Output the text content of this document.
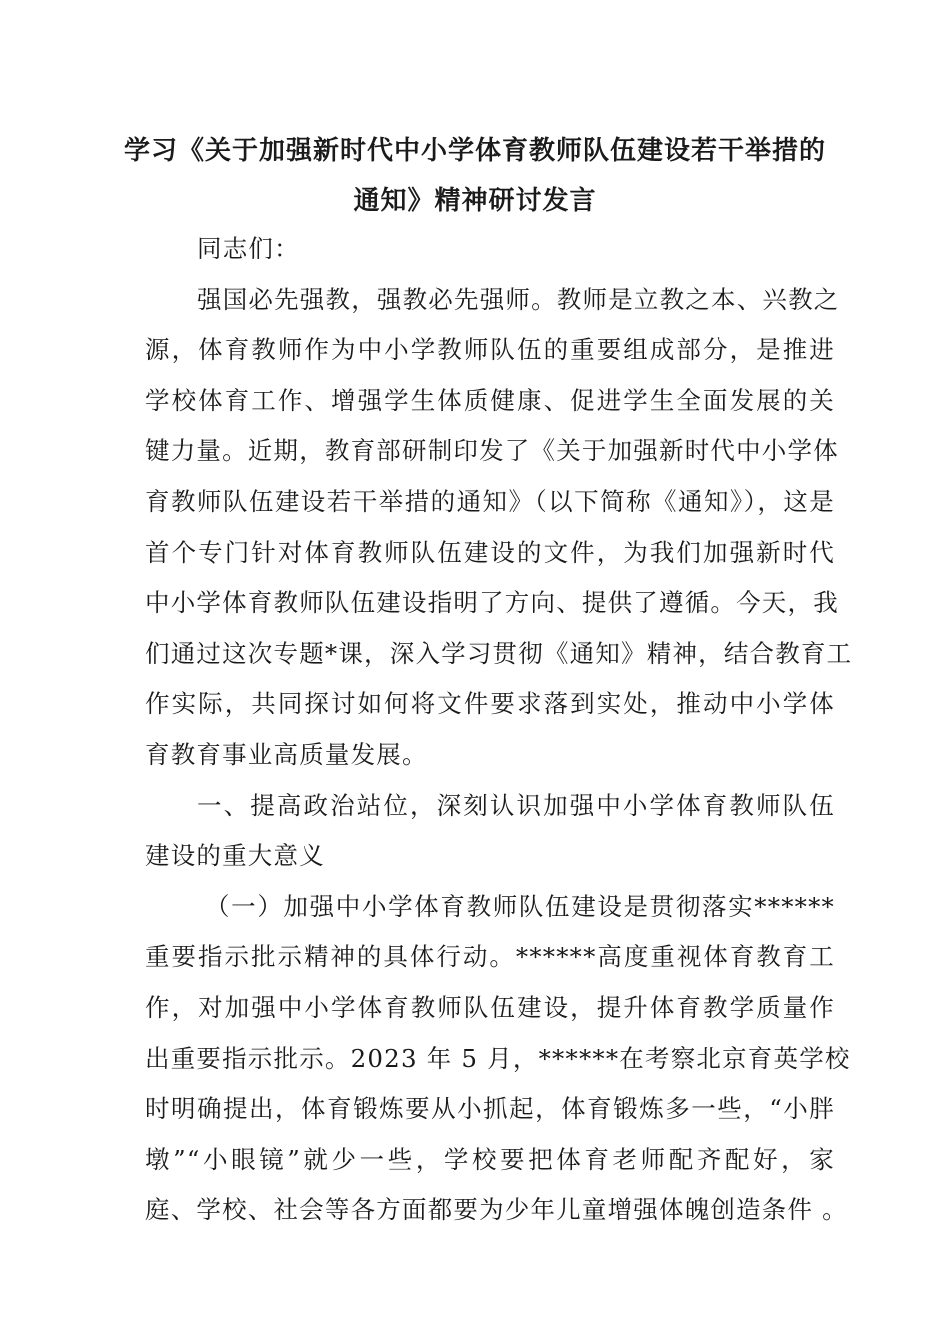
学习《关于加强新时代中小学体育教师队伍建设若干举措的
通知》精神研讨发言
同志们：
强国必先强教，强教必先强师。教师是立教之本、兴教之
源，体育教师作为中小学教师队伍的重要组成部分，是推进
学校体育工作、增强学生体质健康、促进学生全面发展的关
键力量。近期，教育部研制印发了《关于加强新时代中小学体
育教师队伍建设若干举措的通知》（以下简称《通知》），这是
首个专门针对体育教师队伍建设的文件，为我们加强新时代
中小学体育教师队伍建设指明了方向、提供了遵循。今天，我
们通过这次专题*课，深入学习贯彻《通知》精神，结合教育工
作实际，共同探讨如何将文件要求落到实处，推动中小学体
育教育事业高质量发展。
一、提高政治站位，深刻认识加强中小学体育教师队伍
建设的重大意义
（一）加强中小学体育教师队伍建设是贯彻落实******
重要指示批示精神的具体行动。******高度重视体育教育工
作，对加强中小学体育教师队伍建设，提升体育教学质量作
出重要指示批示。2023 年 5 月，******在考察北京育英学校
时明确提出，体育锻炼要从小抓起，体育锻炼多一些，“小胖
墩”“小眼镜”就少一些，学校要把体育老师配齐配好，家
庭、学校、社会等各方面都要为少年儿童增强体魄创造条件 。
